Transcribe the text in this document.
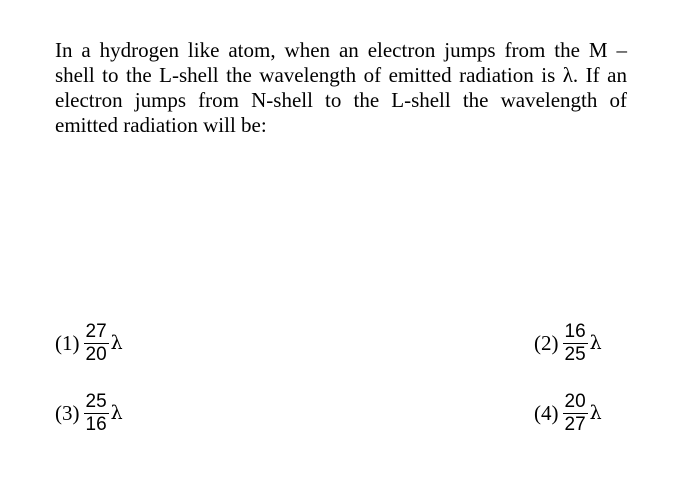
In a hydrogen like atom, when an electron jumps from the M – shell to the L-shell the wavelength of emitted radiation is λ. If an electron jumps from N-shell to the L-shell the wavelength of emitted radiation will be:

$(1) \frac{27}{20}$ λ	$(2) \frac{16}{25}$ λ
$(3) \frac{25}{16}$ λ	$(4) \frac{20}{27}$ λ
